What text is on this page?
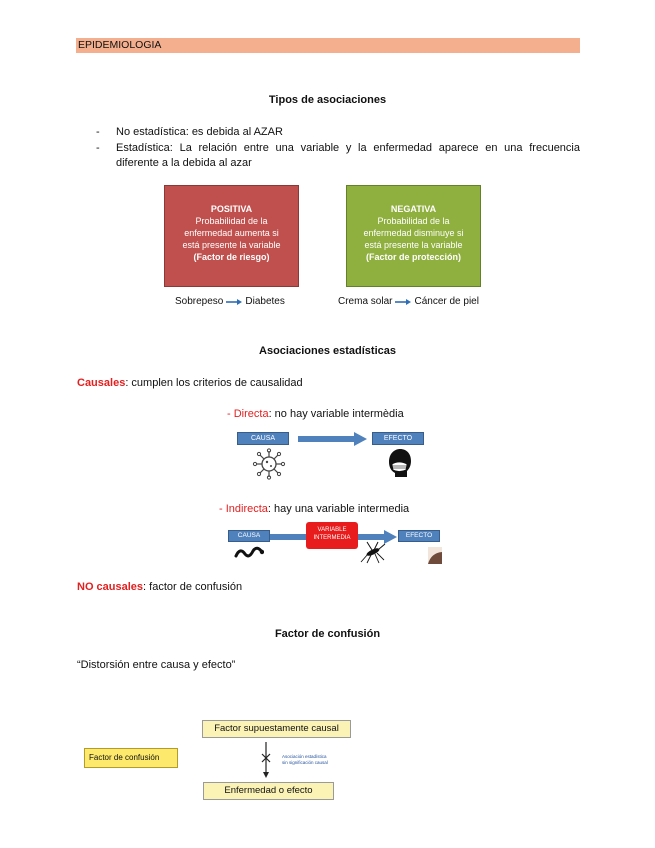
EPIDEMIOLOGIA
Tipos de asociaciones
-	No estadística: es debida al AZAR
-	Estadística: La relación entre una variable y la enfermedad aparece en una frecuencia diferente a la debida al azar
POSITIVA
Probabilidad de la
enfermedad aumenta si
está presente la variable
(Factor de riesgo)
NEGATIVA
Probabilidad de la
enfermedad disminuye si
está presente la variable
(Factor de protección)
Sobrepeso Diabetes	Crema solar Cáncer de piel
Asociaciones estadísticas
Causales: cumplen los criterios de causalidad
- Directa: no hay variable intermèdia
CAUSA	EFECTO
- Indirecta: hay una variable intermedia
CAUSA
VARIABLE
INTERMEDIA	EFECTO
NO causales: factor de confusión
Factor de confusión
“Distorsión entre causa y efecto”
Factor supuestamente causal
Factor de confusión
Enfermedad o efecto
Asociación estadística
sin significación causal
